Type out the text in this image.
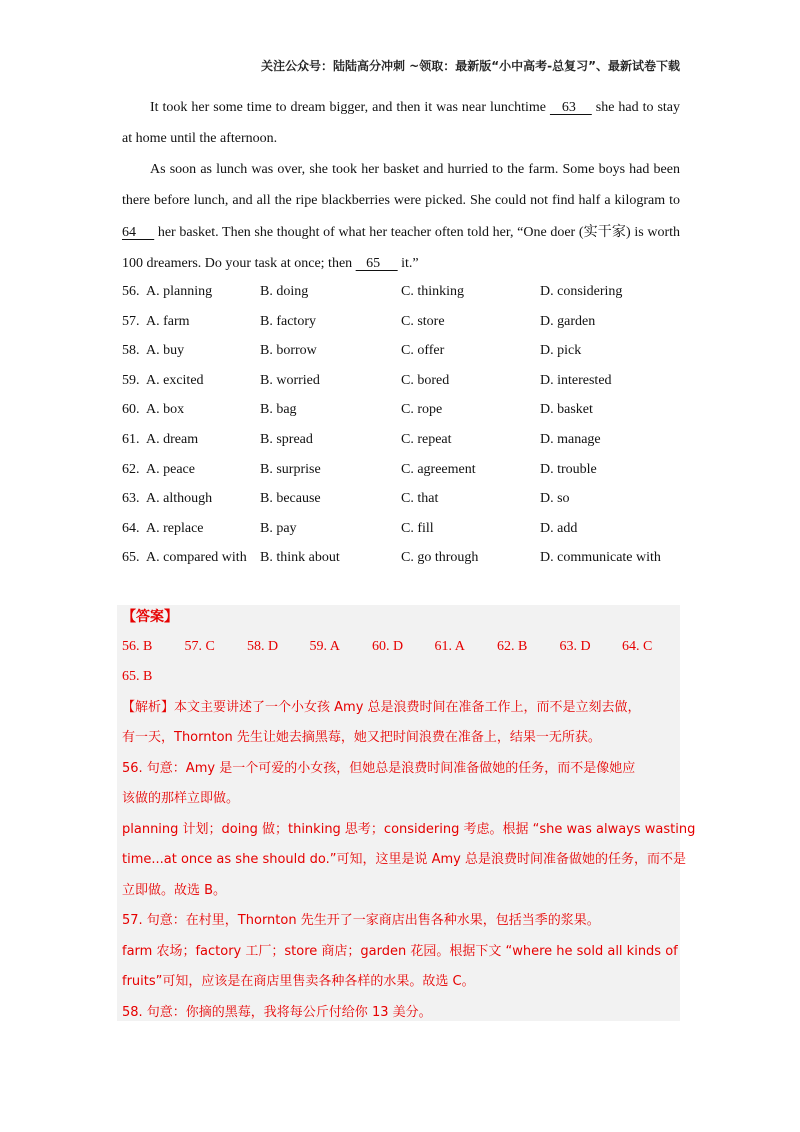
关注公众号：陆陆高分冲刺 ~领取：最新版“小中高考-总复习”、最新试卷下载
It took her some time to dream bigger, and then it was near lunchtime    63     she had to stay at home until the afternoon.
As soon as lunch was over, she took her basket and hurried to the farm. Some boys had been there before lunch, and all the ripe blackberries were picked. She could not find half a kilogram to 64      her basket. Then she thought of what her teacher often told her, “One doer (实干家) is worth 100 dreamers. Do your task at once; then    65      it.”
56. A. planning	B. doing	C. thinking	D. considering
57. A. farm	B. factory	C. store	D. garden
58. A. buy	B. borrow	C. offer	D. pick
59. A. excited	B. worried	C. bored	D. interested
60. A. box	B. bag	C. rope	D. basket
61. A. dream	B. spread	C. repeat	D. manage
62. A. peace	B. surprise	C. agreement	D. trouble
63. A. although	B. because	C. that	D. so
64. A. replace	B. pay	C. fill	D. add
65. A. compared with B. think about	C. go through	D. communicate with
【答案】
56. B 57. C 58. D 59. A 60. D 61. A 62. B 63. D 64. C
65. B
【解析】本文主要讲述了一个小女孩 Amy 总是浪费时间在准备工作上，而不是立刻去做，
有一天，Thornton 先生让她去摘黑莓，她又把时间浪费在准备上，结果一无所获。
56. 句意：Amy 是一个可爱的小女孩，但她总是浪费时间准备做她的任务，而不是像她应
该做的那样立即做。
planning 计划；doing 做；thinking 思考；considering 考虑。根据 “she was always wasting
time...at once as she should do.”可知，这里是说 Amy 总是浪费时间准备做她的任务，而不是
立即做。故选 B。
57. 句意：在村里，Thornton 先生开了一家商店出售各种水果，包括当季的浆果。
farm 农场；factory 工厂；store 商店；garden 花园。根据下文 “where he sold all kinds of
fruits”可知，应该是在商店里售卖各种各样的水果。故选 C。
58. 句意：你摘的黑莓，我将每公斤付给你 13 美分。
